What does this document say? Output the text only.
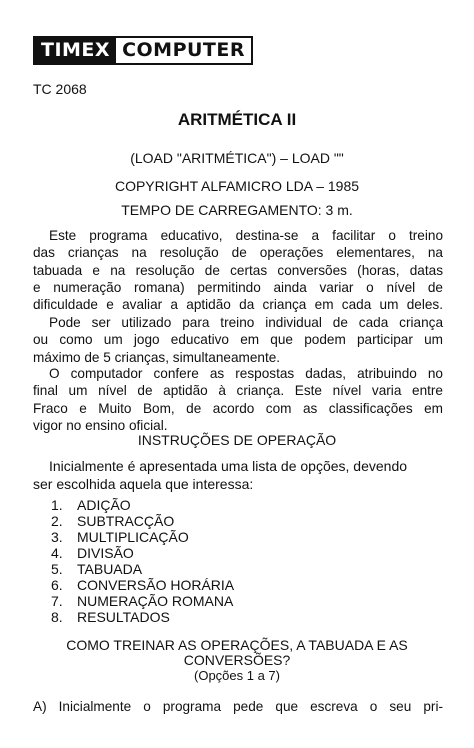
TIMEX COMPUTER
TC 2068
ARITMÉTICA II
(LOAD "ARITMÉTICA") – LOAD ""
COPYRIGHT ALFAMICRO LDA – 1985
TEMPO DE CARREGAMENTO: 3 m.
Este programa educativo, destina-se a facilitar o treino
das crianças na resolução de operações elementares, na
tabuada e na resolução de certas conversões (horas, datas
e numeração romana) permitindo ainda variar o nível de
dificuldade e avaliar a aptidão da criança em cada um deles.
Pode ser utilizado para treino individual de cada criança
ou como um jogo educativo em que podem participar um
máximo de 5 crianças, simultaneamente.
O computador confere as respostas dadas, atribuindo no
final um nível de aptidão à criança. Este nível varia entre
Fraco e Muito Bom, de acordo com as classificações em
vigor no ensino oficial.
INSTRUÇÕES DE OPERAÇÃO
Inicialmente é apresentada uma lista de opções, devendo
ser escolhida aquela que interessa:
1. ADIÇÃO
2. SUBTRACÇÃO
3. MULTIPLICAÇÃO
4. DIVISÃO
5. TABUADA
6. CONVERSÃO HORÁRIA
7. NUMERAÇÃO ROMANA
8. RESULTADOS
COMO TREINAR AS OPERAÇÕES, A TABUADA E AS
CONVERSÕES?
(Opções 1 a 7)
A) Inicialmente o programa pede que escreva o seu pri-
